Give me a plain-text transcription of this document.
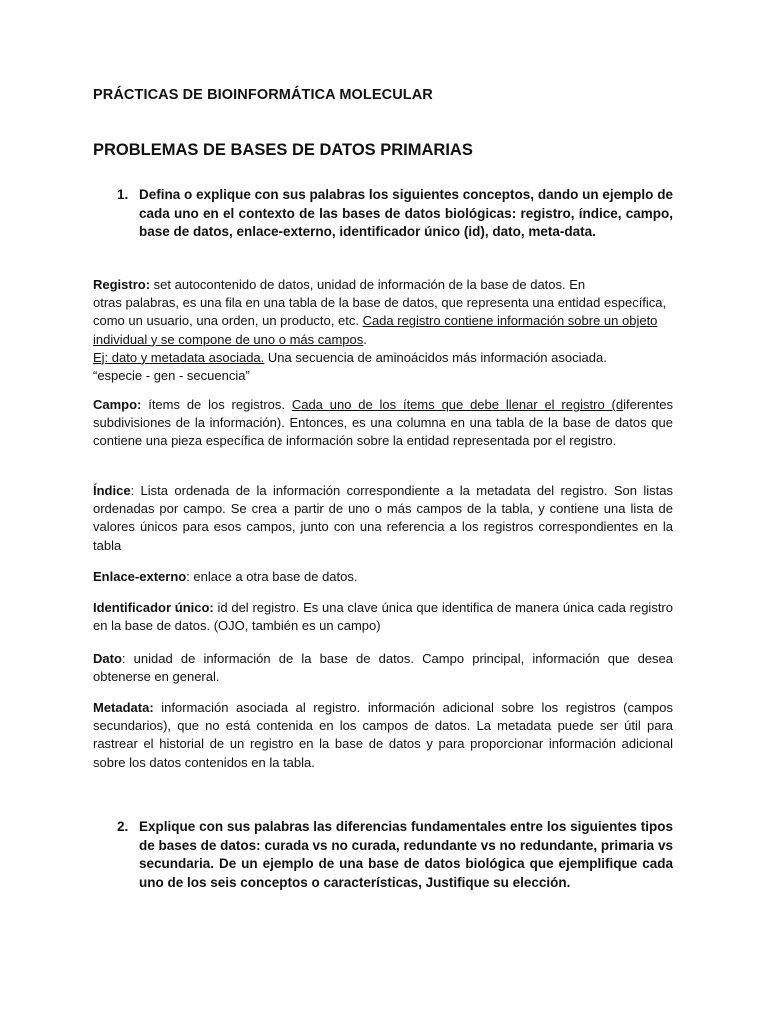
PRÁCTICAS DE BIOINFORMÁTICA MOLECULAR
PROBLEMAS DE BASES DE DATOS PRIMARIAS
1. Defina o explique con sus palabras los siguientes conceptos, dando un ejemplo de cada uno en el contexto de las bases de datos biológicas: registro, índice, campo, base de datos, enlace-externo, identificador único (id), dato, meta-data.

Registro: set autocontenido de datos, unidad de información de la base de datos. En
otras palabras, es una fila en una tabla de la base de datos, que representa una entidad específica, como un usuario, una orden, un producto, etc. Cada registro contiene información sobre un objeto individual y se compone de uno o más campos.
Ej: dato y metadata asociada. Una secuencia de aminoácidos más información asociada.
“especie - gen - secuencia”

Campo: ítems de los registros. Cada uno de los ítems que debe llenar el registro (diferentes subdivisiones de la información). Entonces, es una columna en una tabla de la base de datos que contiene una pieza específica de información sobre la entidad representada por el registro.

Índice: Lista ordenada de la información correspondiente a la metadata del registro. Son listas ordenadas por campo. Se crea a partir de uno o más campos de la tabla, y contiene una lista de valores únicos para esos campos, junto con una referencia a los registros correspondientes en la tabla

Enlace-externo: enlace a otra base de datos.

Identificador único: id del registro. Es una clave única que identifica de manera única cada registro en la base de datos. (OJO, también es un campo)

Dato: unidad de información de la base de datos. Campo principal, información que desea obtenerse en general.

Metadata: información asociada al registro. información adicional sobre los registros (campos secundarios), que no está contenida en los campos de datos. La metadata puede ser útil para rastrear el historial de un registro en la base de datos y para proporcionar información adicional sobre los datos contenidos en la tabla.

2. Explique con sus palabras las diferencias fundamentales entre los siguientes tipos de bases de datos: curada vs no curada, redundante vs no redundante, primaria vs secundaria. De un ejemplo de una base de datos biológica que ejemplifique cada uno de los seis conceptos o características, Justifique su elección.
